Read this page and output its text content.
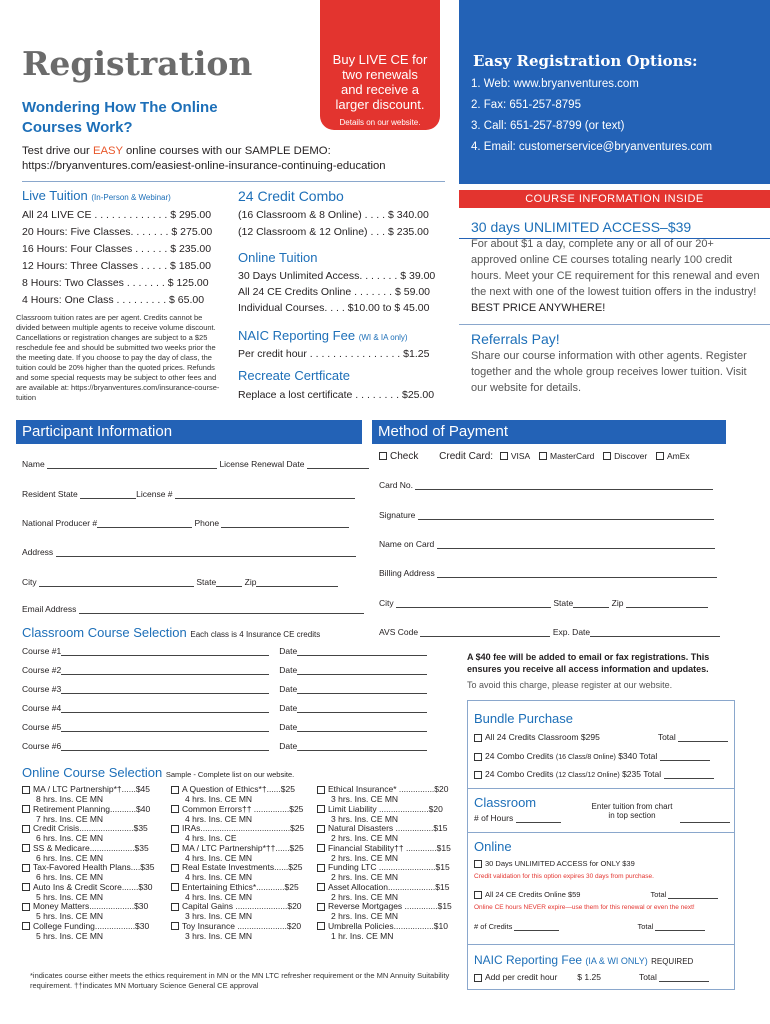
Registration
Wondering How The Online Courses Work?
Buy LIVE CE for
two renewals
and receive a
larger discount.
Details on our website.
Test drive our EASY online courses with our SAMPLE DEMO:
https://bryanventures.com/easiest-online-insurance-continuing-education
Easy Registration Options:
1. Web: www.bryanventures.com
2. Fax: 651-257-8795
3. Call: 651-257-8799 (or text)
4. Email: customerservice@bryanventures.com
Live Tuition (In-Person & Webinar)
All 24 LIVE CE . . . . . . . . . . . . . $ 295.00
20 Hours: Five Classes. . . . . . . $ 275.00
16 Hours: Four Classes . . . . . . $ 235.00
12 Hours: Three Classes . . . . . $ 185.00
8 Hours: Two Classes . . . . . . . $ 125.00
4 Hours: One Class . . . . . . . . . $ 65.00
Classroom tuition rates are per agent. Credits cannot be divided between multiple agents to receive volume discount. Cancellations or registration changes are subject to a $25 reschedule fee and should be submitted two weeks prior the the meeting date. If you choose to pay the day of class, the tuition could be 20% higher than the quoted prices. Refunds and some special requests may be subject to other fees and are available at: https://bryanventures.com/insurance-course-tuition
24 Credit Combo
(16 Classroom & 8 Online) . . . . $ 340.00
(12 Classroom & 12 Online) . . . $ 235.00
Online Tuition
30 Days Unlimited Access. . . . . . . $ 39.00
All 24 CE Credits Online . . . . . . . $ 59.00
Individual Courses. . . . $10.00 to $ 45.00
NAIC Reporting Fee (WI & IA only)
Per credit hour . . . . . . . . . . . . . . . . $1.25
Recreate Certficate
Replace a lost certificate . . . . . . . . $25.00
COURSE INFORMATION INSIDE
30 days UNLIMITED ACCESS–$39
For about $1 a day, complete any or all of our 20+ approved online CE courses totaling nearly 100 credit hours. Meet your CE requirement for this renewal and even the next with one of the lowest tuition offers in the industry! BEST PRICE ANYWHERE!
Referrals Pay!
Share our course information with other agents. Register together and the whole group receives lower tuition. Visit our website for details.
Participant Information
Name	License Renewal Date
Resident State	License #
National Producer #	Phone
Address
City	State	Zip
Email Address
Method of Payment
Check Credit Card: VISA MasterCard Discover AmEx
Card No.
Signature
Name on Card
Billing Address
City	State	Zip
AVS Code	Exp. Date
A $40 fee will be added to email or fax registrations. This ensures you receive all access information and updates.
To avoid this charge, please register at our website.
Classroom Course Selection Each class is 4 Insurance CE credits
Course #1	Date
Course #2	Date
Course #3	Date
Course #4	Date
Course #5	Date
Course #6	Date
Online Course Selection Sample - Complete list on our website.
MA / LTC Partnership*†......$45
8 hrs. Ins. CE MN
Retirement Planning...........$40
7 hrs. Ins. CE MN
Credit Crisis.......................$35
6 hrs. Ins. CE MN
SS & Medicare...................$35
6 hrs. Ins. CE MN
Tax-Favored Health Plans....$35
6 hrs. Ins. CE MN
Auto Ins & Credit Score.......$30
5 hrs. Ins. CE MN
Money Matters...................$30
5 hrs. Ins. CE MN
College Funding.................$30
5 hrs. Ins. CE MN
A Question of Ethics*†......$25
4 hrs. Ins. CE MN
Common Errors†† ...............$25
4 hrs. Ins. CE MN
IRAs......................................$25
4 hrs. Ins. CE
MA / LTC Partnership*††......$25
4 hrs. Ins. CE MN
Real Estate Investments......$25
4 hrs. Ins. CE MN
Entertaining Ethics*............$25
4 hrs. Ins. CE MN
Capital Gains ......................$20
3 hrs. Ins. CE MN
Toy Insurance .....................$20
3 hrs. Ins. CE MN
Ethical Insurance* ...............$20
3 hrs. Ins. CE MN
Limit Liability .....................$20
3 hrs. Ins. CE MN
Natural Disasters ................$15
2 hrs. Ins. CE MN
Financial Stability†† .............$15
2 hrs. Ins. CE MN
Funding LTC ........................$15
2 hrs. Ins. CE MN
Asset Allocation....................$15
2 hrs. Ins. CE MN
Reverse Mortgages ..............$15
2 hrs. Ins. CE MN
Umbrella Policies.................$10
1 hr. Ins. CE MN
*indicates course either meets the ethics requirement in MN or the MN LTC refresher requirement or the MN Annuity Suitability requirement. ††indicates MN Mortuary Science General CE approval
Bundle Purchase
All 24 Credits Classroom $295	Total
24 Combo Credits (16 Class/8 Online) $340 Total
24 Combo Credits (12 Class/12 Online) $235 Total
Classroom
# of Hours
Enter tuition from chart in top section
Online
30 Days UNLIMITED ACCESS for ONLY $39
Credit validation for this option expires 30 days from purchase.
All 24 CE Credits Online $59	Total
Online CE hours NEVER expire—use them for this renewal or even the next!
# of Credits	Total
NAIC Reporting Fee (IA & WI ONLY) REQUIRED
Add per credit hour $ 1.25	Total
